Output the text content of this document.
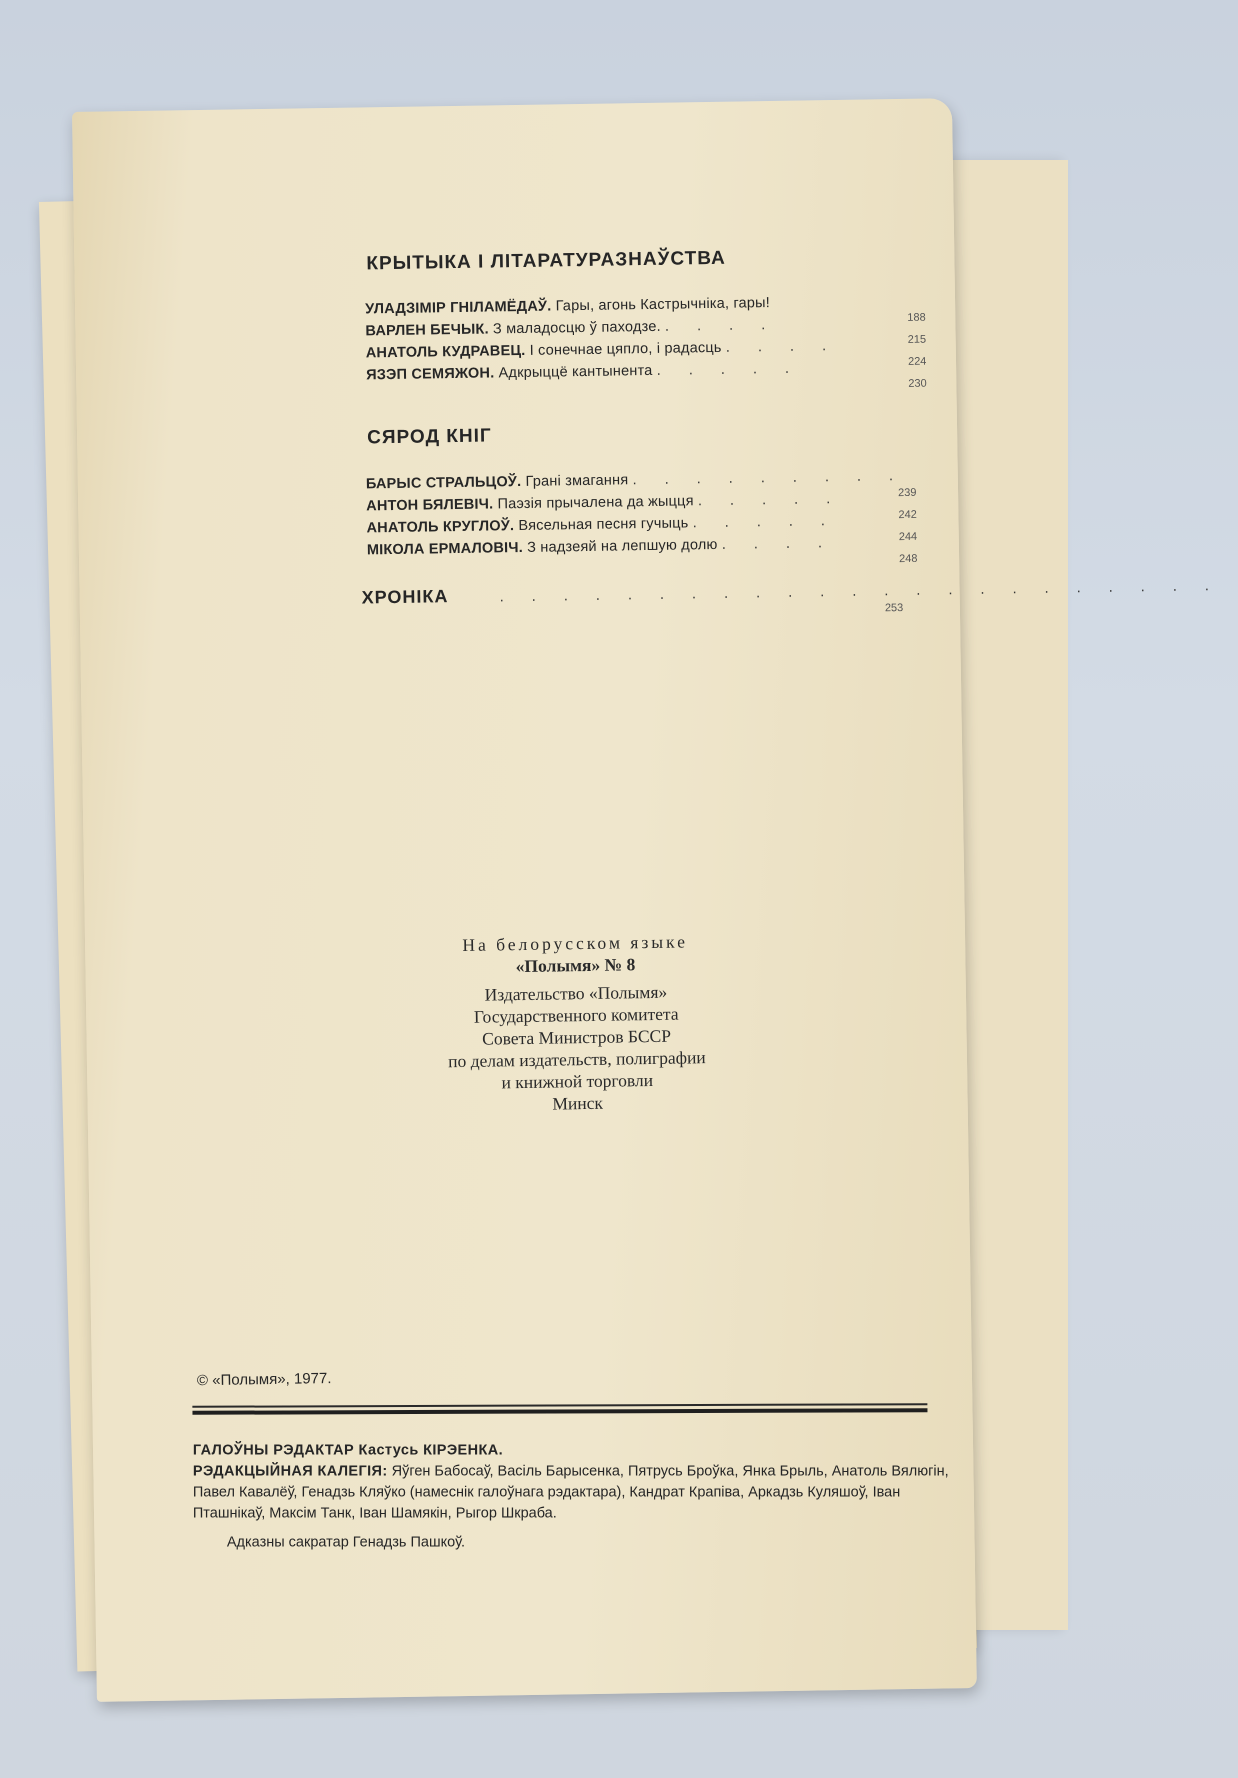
КРЫТЫКА І ЛІТАРАТУРАЗНАЎСТВА
УЛАДЗІМІР ГНІЛАМЁДАЎ. Гары, агонь Кастрычніка, гары!
ВАРЛЕН БЕЧЫК. З маладосцю ў паходзе. . . . .
АНАТОЛЬ КУДРАВЕЦ. І сонечнае цяпло, і радасць . . . .
ЯЗЭП СЕМЯЖОН. Адкрыццё кантынента . . . . .
188
215
224
230
СЯРОД КНІГ
БАРЫС СТРАЛЬЦОЎ. Грані змагання . . . . . . . . .
АНТОН БЯЛЕВІЧ. Паэзія прычалена да жыцця . . . . .
АНАТОЛЬ КРУГЛОЎ. Вясельная песня гучыць . . . . .
МІКОЛА ЕРМАЛОВІЧ. З надзеяй на лепшую долю . . . .
239
242
244
248
ХРОНІКА	. . . . . . . . . . . . . . . . . . . . . . .
253
На белорусском языке
«Полымя» № 8
Издательство «Полымя»
Государственного комитета
Совета Министров БССР
по делам издательств, полиграфии
и книжной торговли
Минск
© «Полымя», 1977.
ГАЛОЎНЫ РЭДАКТАР Кастусь КІРЭЕНКА.
РЭДАКЦЫЙНАЯ КАЛЕГІЯ: Яўген Бабосаў, Васіль Барысенка, Пятрусь Броўка, Янка Брыль, Анатоль Вялюгін, Павел Кавалёў, Генадзь Кляўко (намеснік галоўнага рэдактара), Кандрат Крапіва, Аркадзь Куляшоў, Іван Пташнікаў, Максім Танк, Іван Шамякін, Рыгор Шкраба.
Адказны сакратар Генадзь Пашкоў.
